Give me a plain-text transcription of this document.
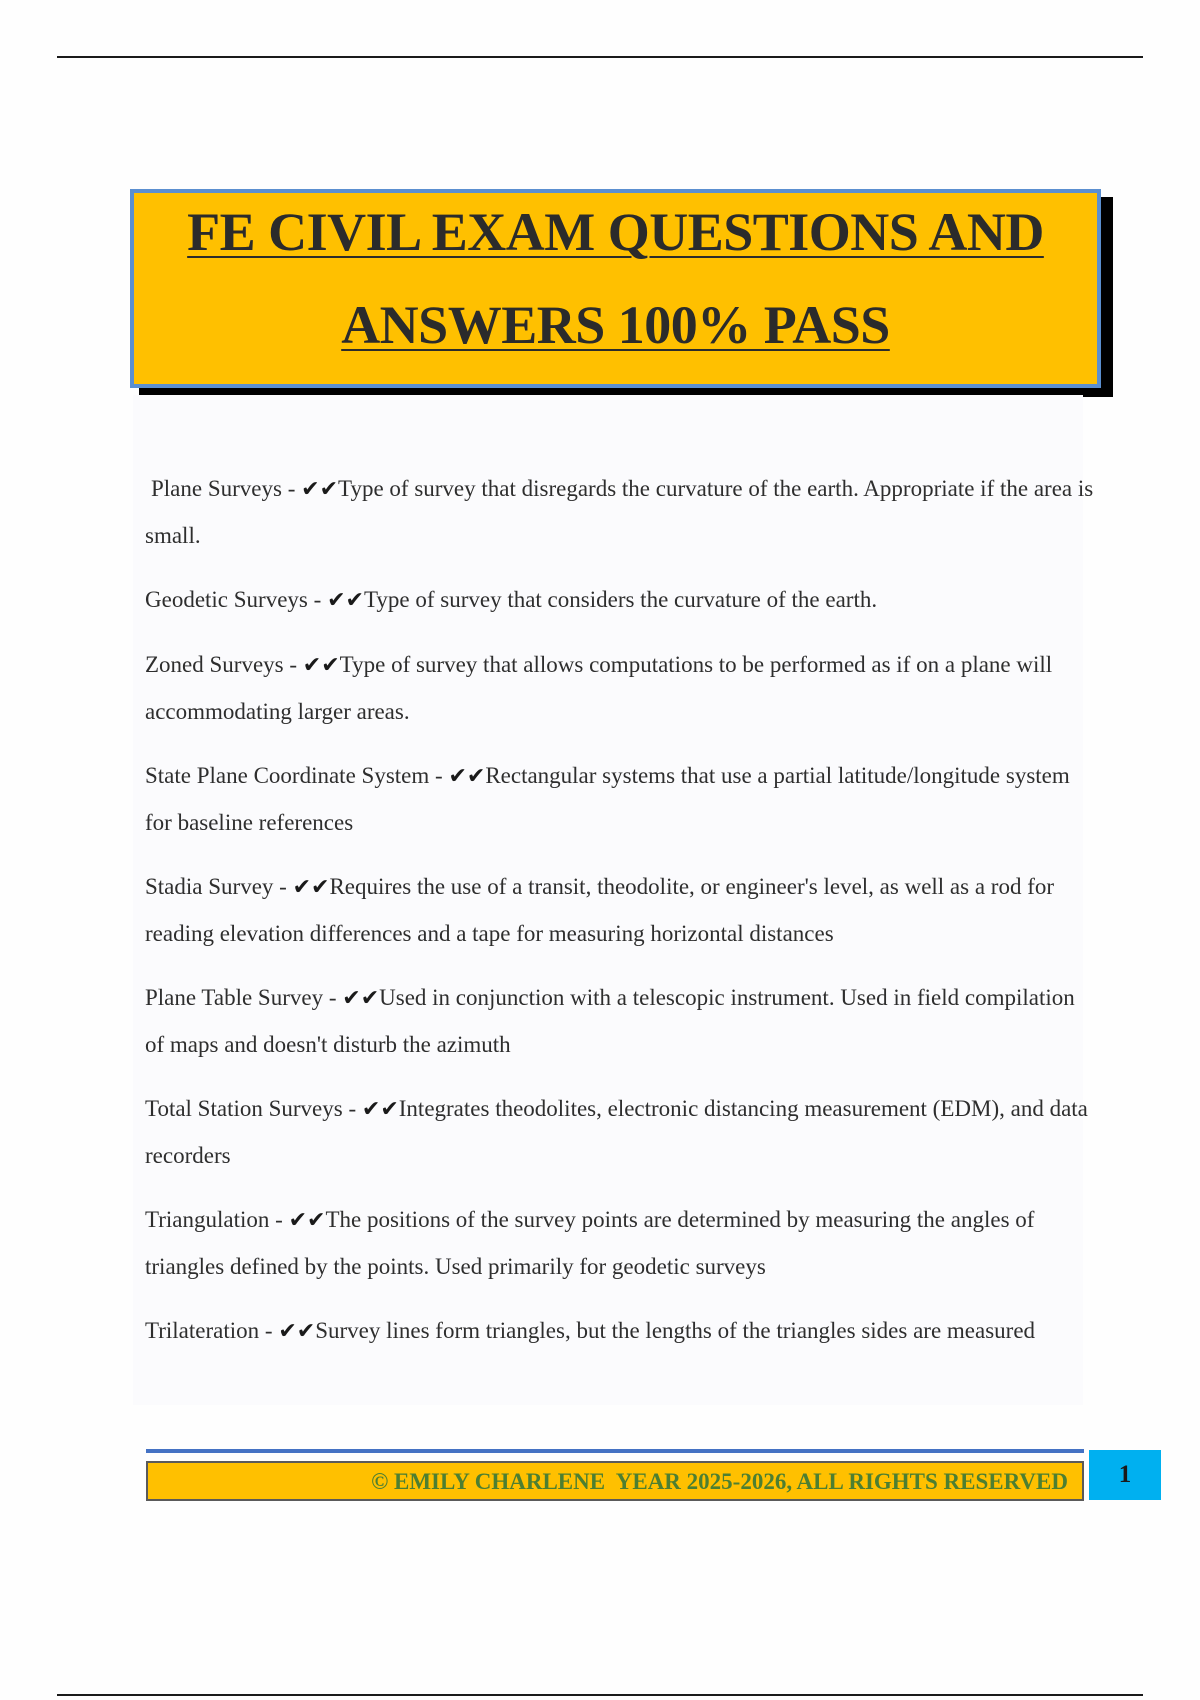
FE CIVIL EXAM QUESTIONS AND
ANSWERS 100% PASS

Plane Surveys - ✔✔Type of survey that disregards the curvature of the earth. Appropriate if the area is small.

Geodetic Surveys - ✔✔Type of survey that considers the curvature of the earth.

Zoned Surveys - ✔✔Type of survey that allows computations to be performed as if on a plane will accommodating larger areas.

State Plane Coordinate System - ✔✔Rectangular systems that use a partial latitude/longitude system for baseline references

Stadia Survey - ✔✔Requires the use of a transit, theodolite, or engineer's level, as well as a rod for reading elevation differences and a tape for measuring horizontal distances

Plane Table Survey - ✔✔Used in conjunction with a telescopic instrument. Used in field compilation of maps and doesn't disturb the azimuth

Total Station Surveys - ✔✔Integrates theodolites, electronic distancing measurement (EDM), and data recorders

Triangulation - ✔✔The positions of the survey points are determined by measuring the angles of triangles defined by the points. Used primarily for geodetic surveys

Trilateration - ✔✔Survey lines form triangles, but the lengths of the triangles sides are measured

© EMILY CHARLENE  YEAR 2025-2026, ALL RIGHTS RESERVED	1
